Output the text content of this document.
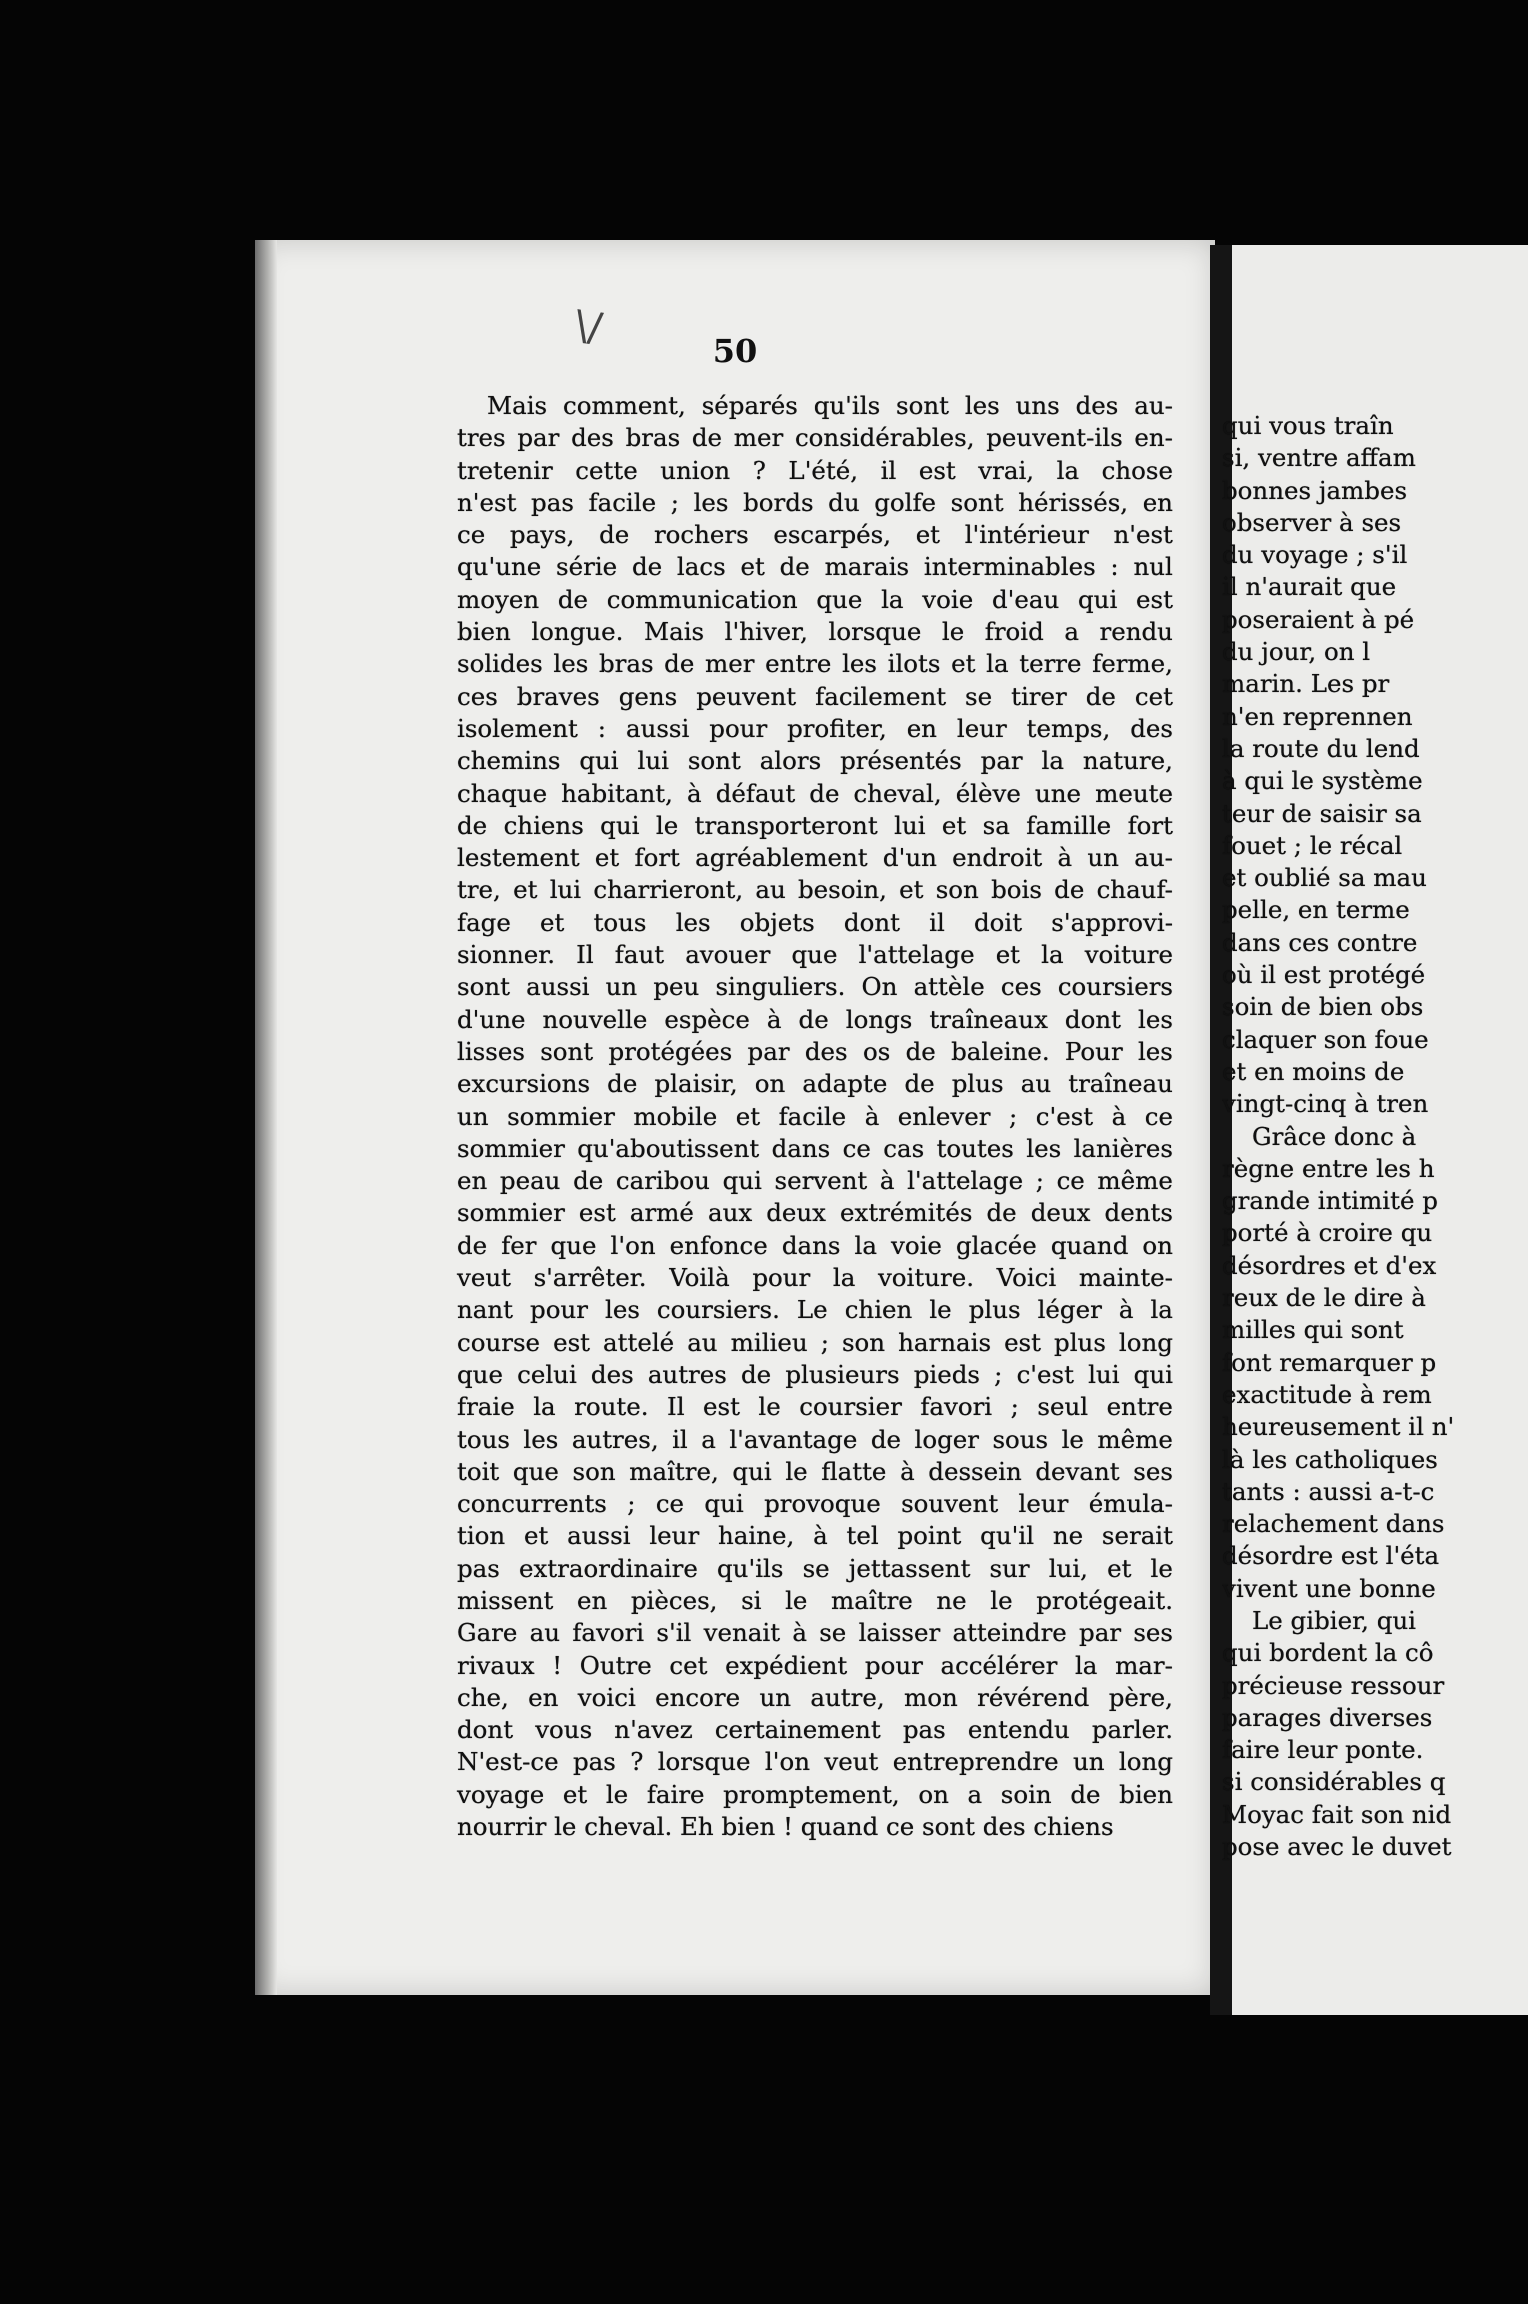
\/	50
Mais comment, séparés qu'ils sont les uns des au-
tres par des bras de mer considérables, peuvent-ils en-
tretenir cette union ? L'été, il est vrai, la chose
n'est pas facile ; les bords du golfe sont hérissés, en
ce pays, de rochers escarpés, et l'intérieur n'est
qu'une série de lacs et de marais interminables : nul
moyen de communication que la voie d'eau qui est
bien longue. Mais l'hiver, lorsque le froid a rendu
solides les bras de mer entre les ilots et la terre ferme,
ces braves gens peuvent facilement se tirer de cet
isolement : aussi pour profiter, en leur temps, des
chemins qui lui sont alors présentés par la nature,
chaque habitant, à défaut de cheval, élève une meute
de chiens qui le transporteront lui et sa famille fort
lestement et fort agréablement d'un endroit à un au-
tre, et lui charrieront, au besoin, et son bois de chauf-
fage et tous les objets dont il doit s'approvi-
sionner. Il faut avouer que l'attelage et la voiture
sont aussi un peu singuliers. On attèle ces coursiers
d'une nouvelle espèce à de longs traîneaux dont les
lisses sont protégées par des os de baleine. Pour les
excursions de plaisir, on adapte de plus au traîneau
un sommier mobile et facile à enlever ; c'est à ce
sommier qu'aboutissent dans ce cas toutes les lanières
en peau de caribou qui servent à l'attelage ; ce même
sommier est armé aux deux extrémités de deux dents
de fer que l'on enfonce dans la voie glacée quand on
veut s'arrêter. Voilà pour la voiture. Voici mainte-
nant pour les coursiers. Le chien le plus léger à la
course est attelé au milieu ; son harnais est plus long
que celui des autres de plusieurs pieds ; c'est lui qui
fraie la route. Il est le coursier favori ; seul entre
tous les autres, il a l'avantage de loger sous le même
toit que son maître, qui le flatte à dessein devant ses
concurrents ; ce qui provoque souvent leur émula-
tion et aussi leur haine, à tel point qu'il ne serait
pas extraordinaire qu'ils se jettassent sur lui, et le
missent en pièces, si le maître ne le protégeait.
Gare au favori s'il venait à se laisser atteindre par ses
rivaux ! Outre cet expédient pour accélérer la mar-
che, en voici encore un autre, mon révérend père,
dont vous n'avez certainement pas entendu parler.
N'est-ce pas ? lorsque l'on veut entreprendre un long
voyage et le faire promptement, on a soin de bien
nourrir le cheval. Eh bien ! quand ce sont des chiens
qui vous traîn
si, ventre affam
bonnes jambes
observer à ses
du voyage ; s'il
il n'aurait que
poseraient à pé
du jour, on l
marin. Les pr
n'en reprennen
la route du lend
à qui le système
teur de saisir sa
fouet ; le récal
et oublié sa mau
pelle, en terme
dans ces contre
où il est protégé
soin de bien obs
claquer son foue
et en moins de
vingt-cinq à tren
Grâce donc à
règne entre les h
grande intimité p
porté à croire qu
désordres et d'ex
reux de le dire à
milles qui sont
font remarquer p
exactitude à rem
heureusement il n'
là les catholiques
tants : aussi a-t-c
relachement dans
désordre est l'éta
vivent une bonne
Le gibier, qui
qui bordent la cô
précieuse ressour
parages diverses
faire leur ponte.
si considérables q
Moyac fait son nid
pose avec le duvet
